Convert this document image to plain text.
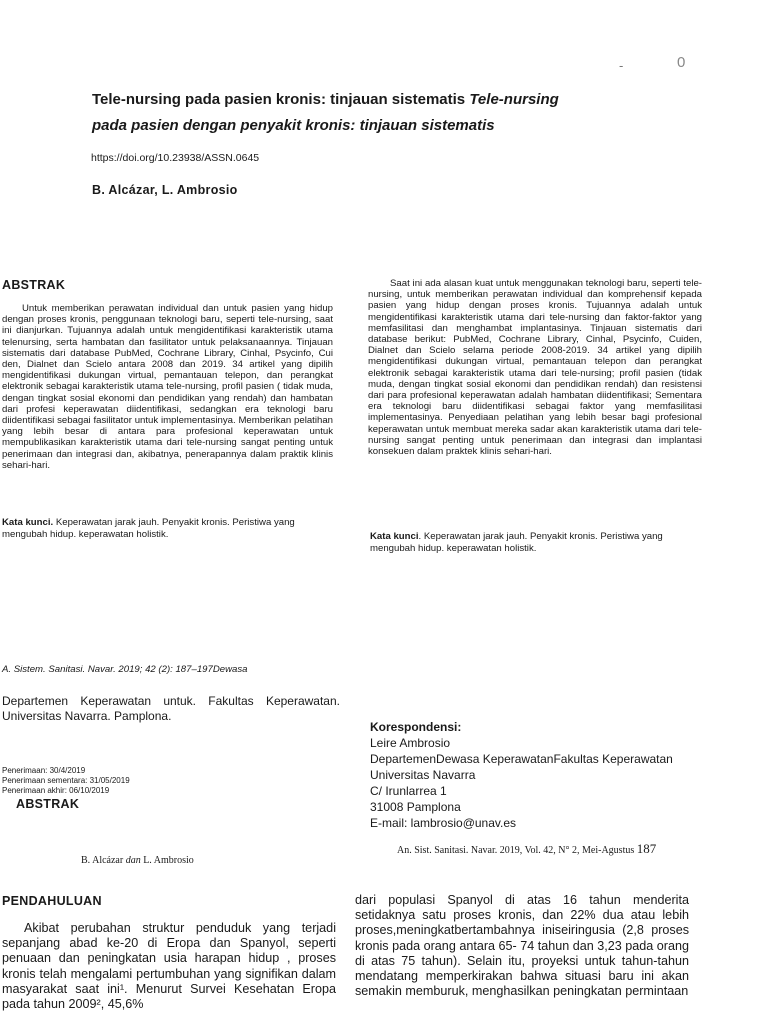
-	0
Tele-nursing pada pasien kronis: tinjauan sistematis Tele-nursing
pada pasien dengan penyakit kronis: tinjauan sistematis
https://doi.org/10.23938/ASSN.0645
B. Alcázar, L. Ambrosio
ABSTRAK

Untuk memberikan perawatan individual dan untuk pasien yang hidup dengan proses kronis, penggunaan teknologi baru, seperti tele-nursing, saat ini dianjurkan. Tujuannya adalah untuk mengidentifikasi karakteristik utama telenursing, serta hambatan dan fasilitator untuk pelaksanaannya. Tinjauan sistematis dari database PubMed, Cochrane Library, Cinhal, Psycinfo, Cui den, Dialnet dan Scielo antara 2008 dan 2019. 34 artikel yang dipilih mengidentifikasi dukungan virtual, pemantauan telepon, dan perangkat elektronik sebagai karakteristik utama tele-nursing, profil pasien ( tidak muda, dengan tingkat sosial ekonomi dan pendidikan yang rendah) dan hambatan dari profesi keperawatan diidentifikasi, sedangkan era teknologi baru diidentifikasi sebagai fasilitator untuk implementasinya. Memberikan pelatihan yang lebih besar di antara para profesional keperawatan untuk mempublikasikan karakteristik utama dari tele-nursing sangat penting untuk penerimaan dan integrasi dan, akibatnya, penerapannya dalam praktik klinis sehari-hari.

Kata kunci. Keperawatan jarak jauh. Penyakit kronis. Peristiwa yang mengubah hidup. keperawatan holistik.

Saat ini ada alasan kuat untuk menggunakan teknologi baru, seperti tele-nursing, untuk memberikan perawatan individual dan komprehensif kepada pasien yang hidup dengan proses kronis. Tujuannya adalah untuk mengidentifikasi karakteristik utama dari tele-nursing dan faktor-faktor yang memfasilitasi dan menghambat implantasinya. Tinjauan sistematis dari database berikut: PubMed, Cochrane Library, Cinhal, Psycinfo, Cuiden, Dialnet dan Scielo selama periode 2008-2019. 34 artikel yang dipilih mengidentifikasi dukungan virtual, pemantauan telepon dan perangkat elektronik sebagai karakteristik utama dari tele-nursing; profil pasien (tidak muda, dengan tingkat sosial ekonomi dan pendidikan rendah) dan resistensi dari para profesional keperawatan adalah hambatan diidentifikasi; Sementara era teknologi baru diidentifikasi sebagai faktor yang memfasilitasi implementasinya. Penyediaan pelatihan yang lebih besar bagi profesional keperawatan untuk membuat mereka sadar akan karakteristik utama dari tele-nursing sangat penting untuk penerimaan dan integrasi dan implantasi konsekuen dalam praktek klinis sehari-hari.

Kata kunci. Keperawatan jarak jauh. Penyakit kronis. Peristiwa yang mengubah hidup. keperawatan holistik.
A. Sistem. Sanitasi. Navar. 2019; 42 (2): 187–197Dewasa
Departemen Keperawatan untuk. Fakultas Keperawatan. Universitas Navarra. Pamplona.
Penerimaan: 30/4/2019
Penerimaan sementara: 31/05/2019
Penerimaan akhir: 06/10/2019
ABSTRAK
Korespondensi:
Leire Ambrosio
DepartemenDewasa KeperawatanFakultas Keperawatan
Universitas Navarra
C/ Irunlarrea 1
31008 Pamplona
E-mail: lambrosio@unav.es
An. Sist. Sanitasi. Navar. 2019, Vol. 42, N° 2, Mei-Agustus 187
B. Alcázar dan L. Ambrosio
PENDAHULUAN

Akibat perubahan struktur penduduk yang terjadi sepanjang abad ke-20 di Eropa dan Spanyol, seperti penuaan dan peningkatan usia harapan hidup , proses kronis telah mengalami pertumbuhan yang signifikan dalam masyarakat saat ini¹. Menurut Survei Kesehatan Eropa pada tahun 2009², 45,6%

dari populasi Spanyol di atas 16 tahun menderita setidaknya satu proses kronis, dan 22% dua atau lebih proses,meningkatbertambahnya iniseiringusia (2,8 proses kronis pada orang antara 65- 74 tahun dan 3,23 pada orang di atas 75 tahun). Selain itu, proyeksi untuk tahun-tahun mendatang memperkirakan bahwa situasi baru ini akan semakin memburuk, menghasilkan peningkatan permintaan
